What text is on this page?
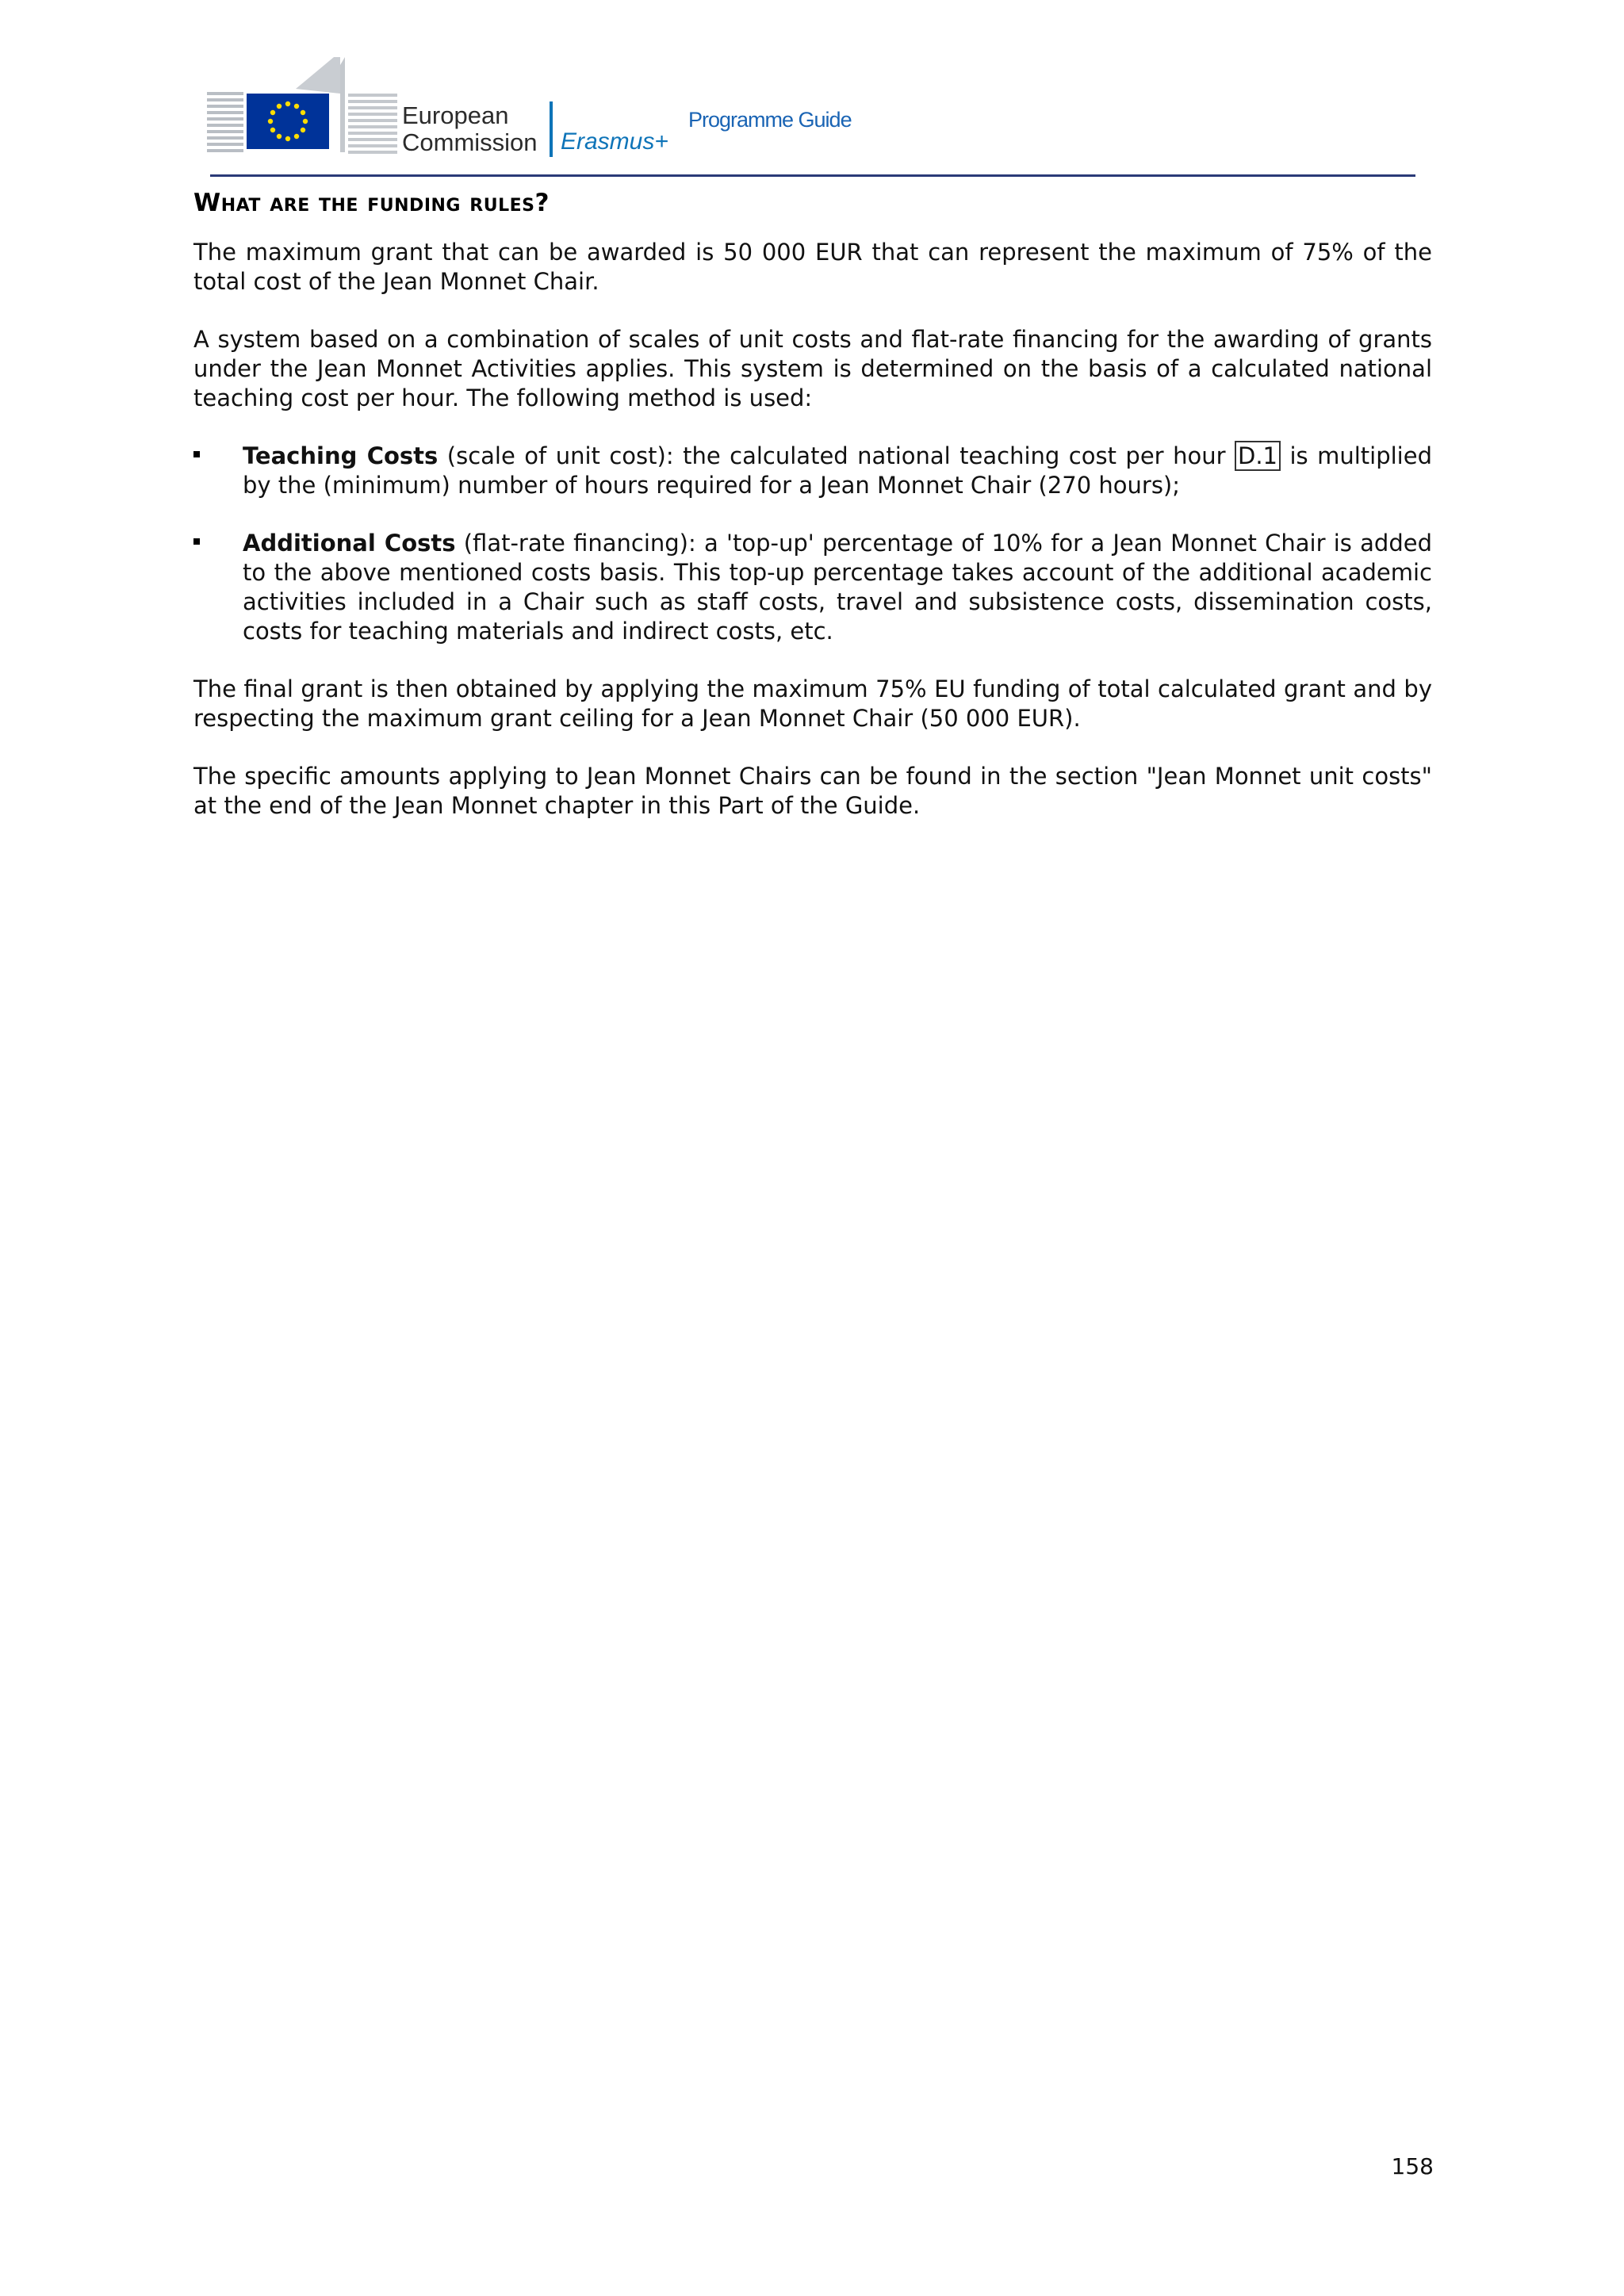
European
Commission Erasmus+
Programme Guide
What are the funding rules?

The maximum grant that can be awarded is 50 000 EUR that can represent the maximum of 75% of the total cost of the Jean Monnet Chair.

A system based on a combination of scales of unit costs and flat-rate financing for the awarding of grants under the Jean Monnet Activities applies. This system is determined on the basis of a calculated national teaching cost per hour. The following method is used:

Teaching Costs (scale of unit cost): the calculated national teaching cost per hour D.1 is multiplied by the (minimum) number of hours required for a Jean Monnet Chair (270 hours);
Additional Costs (flat-rate financing): a 'top-up' percentage of 10% for a Jean Monnet Chair is added to the above mentioned costs basis. This top-up percentage takes account of the additional academic activities included in a Chair such as staff costs, travel and subsistence costs, dissemination costs, costs for teaching materials and indirect costs, etc.

The final grant is then obtained by applying the maximum 75% EU funding of total calculated grant and by respecting the maximum grant ceiling for a Jean Monnet Chair (50 000 EUR).

The specific amounts applying to Jean Monnet Chairs can be found in the section "Jean Monnet unit costs" at the end of the Jean Monnet chapter in this Part of the Guide.

158
